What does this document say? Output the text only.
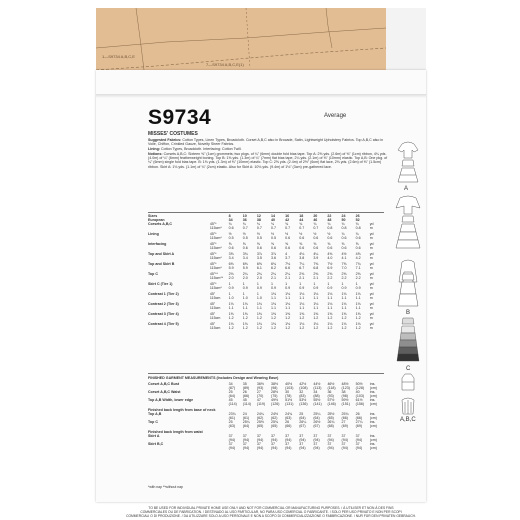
1—S9734 A,B,C,E
7—S9734 A,B,C,E(1)
S9734	Average
MISSES' COSTUMES

Suggested Fabrics: Cotton Types, Linen Types, Broadcloth. Corset A,B,C also in Brocade, Satin, Lightweight Upholstery Fabrics. Top A,B,C also in Voile, Chiffon, Crinkled Gauze, Novelty Sheer Fabrics.

Lining: Cotton Types, Broadcloth. Interfacing: Cotton Twill.

Notions: Corsets A,B,C: Sixteen ⅜" (1cm) grommets; two pkgs. of ¼" (6mm) double fold bias tape. Top A: 2⅝ yds. (2.6m) of ⅜" (1cm) ribbon, 4¼ yds. (4.0m) of ¼" (6mm) featherweight boning. Top B: 1⅜ yds. (1.3m) of ¼" (7mm) flat bias tape, 2¼ yds. (2.1m) of ⅜" (10mm) elastic. Top A,B: One pkg. of ¼" (6mm) single fold bias tape. B: 1⅜ yds. (1.3m) of ⅜" (10mm) elastic. Top C: 2⅝ yds. (2.4m) of 2½" (6cm) flat lace, 2⅛ yds. (2.6m) of ⅜" (1.5cm) ribbon. Skirt A: 1⅛ yds. (1.1m) of ¾" (2cm) elastic. Also for Skirt A: 10⅛ yds. (9.4m) of 1⅛" (3cm) pre-gathered lace.

Sizes		8	10	12	14	16	18	20	22	24	26	
European		34	36	38	40	42	44	46	48	50	52	
Corsets A,B,C	45"*	¾	¾	¾	¾	¾	¾	¾	¾	¾	¾	yd
	115cm*	0.6	0.7	0.7	0.7	0.7	0.7	0.7	0.8	0.8	0.8	m

Lining	45"*	½	½	½	½	½	½	½	½	¾	¾	yd
	115cm*	0.5	0.5	0.5	0.5	0.6	0.6	0.6	0.6	0.6	0.6	m

Interfacing	45"*	⅝	⅝	⅝	⅝	⅝	⅝	⅝	⅝	⅝	⅝	yd
	115cm*	0.6	0.6	0.6	0.6	0.6	0.6	0.6	0.6	0.6	0.6	m

Top and Skirt A	45"*	3⅝	3¾	3⅞	3⅞	4	4⅛	4¼	4⅜	4½	4⅝	yd
	115cm*	3.4	3.4	3.5	3.6	3.7	3.8	3.9	4.0	4.1	4.2	m

Top and Skirt B	45"*	6⅜	6⅜	6⅝	6¾	7⅛	7¼	7⅜	7½	7⅝	7¾	yd
	115cm*	5.9	5.9	6.1	6.2	6.6	6.7	6.8	6.9	7.0	7.1	m

Top C	45"**	2⅛	2¼	2¼	2¼	2¼	2⅜	2⅜	2⅜	2⅜	2⅜	yd
	115cm**	2.0	2.0	2.0	2.1	2.1	2.1	2.1	2.2	2.2	2.2	m

Skirt C (Tier 1)	45"*	1	1	1	1	1	1	1	1	1	1	yd
	115cm*	0.9	0.9	0.9	0.9	0.9	0.9	0.9	0.9	0.9	0.9	m

Contrast 1 (Tier 2)	45"	1	1	1	1⅛	1⅛	1⅛	1⅛	1⅛	1⅛	1⅛	yd
	115cm	1.0	1.0	1.0	1.1	1.1	1.1	1.1	1.1	1.1	1.1	m

Contrast 2 (Tier 3)	45"	1⅛	1⅛	1⅛	1⅛	1⅛	1⅛	1⅛	1⅛	1⅛	1⅛	yd
	115cm	1.1	1.1	1.1	1.1	1.1	1.1	1.1	1.1	1.1	1.1	m

Contrast 3 (Tier 4)	45"	1⅜	1⅜	1⅜	1⅜	1⅜	1⅜	1⅜	1⅜	1⅜	1⅜	yd
	115cm	1.2	1.2	1.2	1.2	1.2	1.2	1.2	1.2	1.2	1.2	m

Contrast 4 (Tier 5)	45"	1⅛	1⅛	1⅛	1⅛	1⅛	1⅛	1⅛	1⅛	1⅛	1⅛	yd
	115cm	1.2	1.2	1.2	1.2	1.2	1.2	1.2	1.2	1.2	1.2	m
FINISHED GARMENT MEASUREMENTS (Includes Design and Wearing Ease)
Corset A,B,C Bust	34	35	36½	38½	40½	42½	44½	46½	48½	50½	ins.
	(87)	(89)	(93)	(98)	(103)	(108)	(113)	(118)	(123)	(128)	(cm)
Corset A,B,C Waist	25	26	27	28½	30	32	34	36	38	40	ins.
	(64)	(66)	(70)	(75)	(78)	(83)	(88)	(93)	(98)	(103)	(cm)
Top A,B Width, lower edge	45	45	47	49½	51½	53½	55½	57½	59½	61½	ins.
	(114)	(114)	(119)	(126)	(131)	(136)	(141)	(146)	(151)	(156)	(cm)

Finished back length from base of neck											
Top A,B	23¾	24	24¼	24½	24¾	25	25¼	25½	25¾	26	ins.
	(61)	(61)	(62)	(62)	(63)	(64)	(64)	(65)	(66)	(66)	(cm)
Top C	25	25¼	25½	25¾	26	26¼	26½	26¾	27	27¼	ins.
	(63)	(64)	(65)	(65)	(66)	(67)	(67)	(68)	(69)	(69)	(cm)

Finished back length from waist											
Skirt A	37	37	37	37	37	37	37	37	37	37	ins.
	(94)	(94)	(94)	(94)	(94)	(94)	(94)	(94)	(94)	(94)	(cm)
Skirt B,C	37	37	37	37	37	37	37	37	37	37	ins.
	(94)	(94)	(94)	(94)	(94)	(94)	(94)	(94)	(94)	(94)	(cm)
*with nap **without nap
TO BE USED FOR INDIVIDUAL PRIVATE HOME USE ONLY AND NOT FOR COMMERCIAL OR MANUFACTURING PURPOSES. / À UTILISER ET NON À DES FINS
COMMERCIALES OU DE FABRICATION. / DESTINADO AL USO PARTICULAR, NO PARA USO COMERCIAL O FABRICANTE. / SOLO PER USO PRIVATO E NON PER SCOPI
COMMERCIALI O DI PRODUZIONE. / DA UTILIZZARE SOLO A USO PERSONALE E NON A SCOPO DI COMMERCIALIZZAZIONE O FABBRICAZIONE. / NUR FÜR DEN PRIVATEN GEBRAUCH.
A
B
C
A,B,C
